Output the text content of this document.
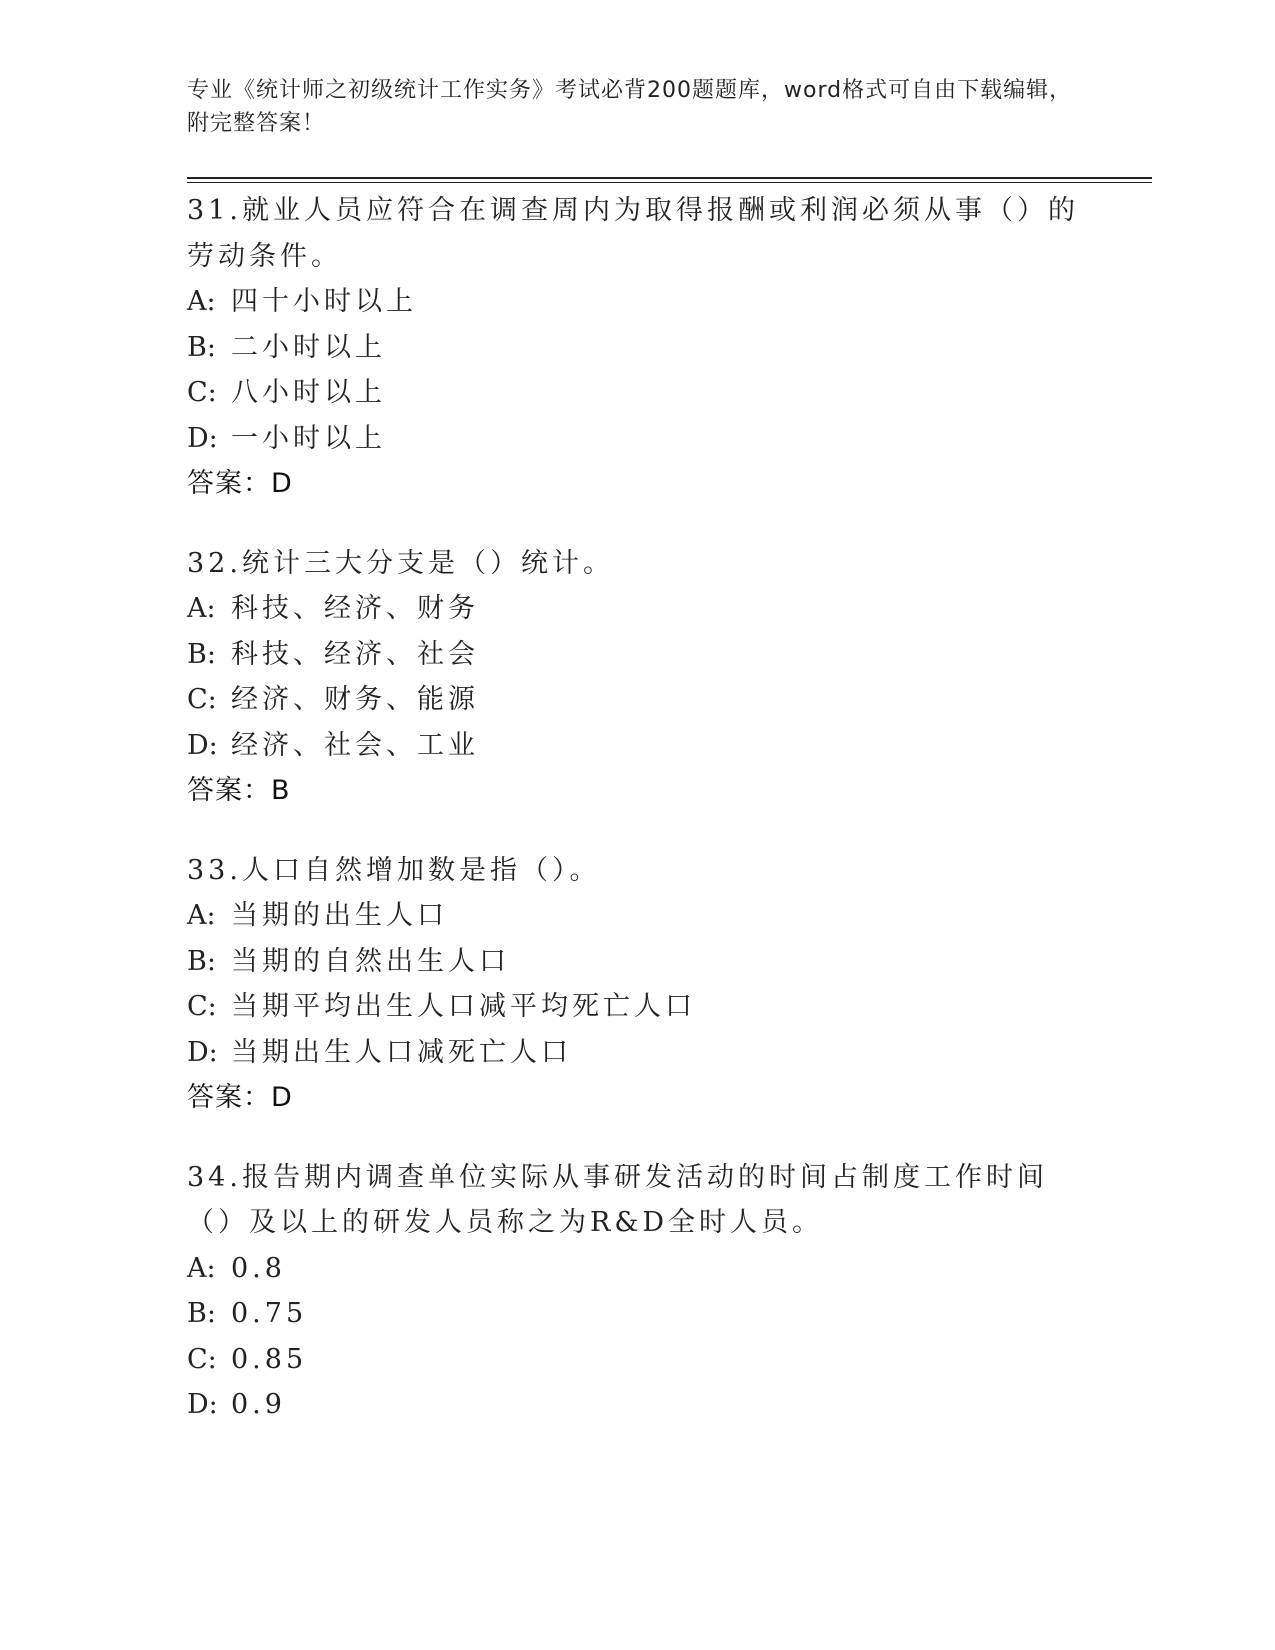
专业《统计师之初级统计工作实务》考试必背200题题库，word格式可自由下载编辑，附完整答案！
31.就业人员应符合在调查周内为取得报酬或利润必须从事（）的劳动条件。
A: 四十小时以上
B: 二小时以上
C: 八小时以上
D: 一小时以上
答案：D
32.统计三大分支是（）统计。
A: 科技、经济、财务
B: 科技、经济、社会
C: 经济、财务、能源
D: 经济、社会、工业
答案：B
33.人口自然增加数是指（）。
A: 当期的出生人口
B: 当期的自然出生人口
C: 当期平均出生人口减平均死亡人口
D: 当期出生人口减死亡人口
答案：D
34.报告期内调查单位实际从事研发活动的时间占制度工作时间（）及以上的研发人员称之为R&D全时人员。
A: 0.8
B: 0.75
C: 0.85
D: 0.9
